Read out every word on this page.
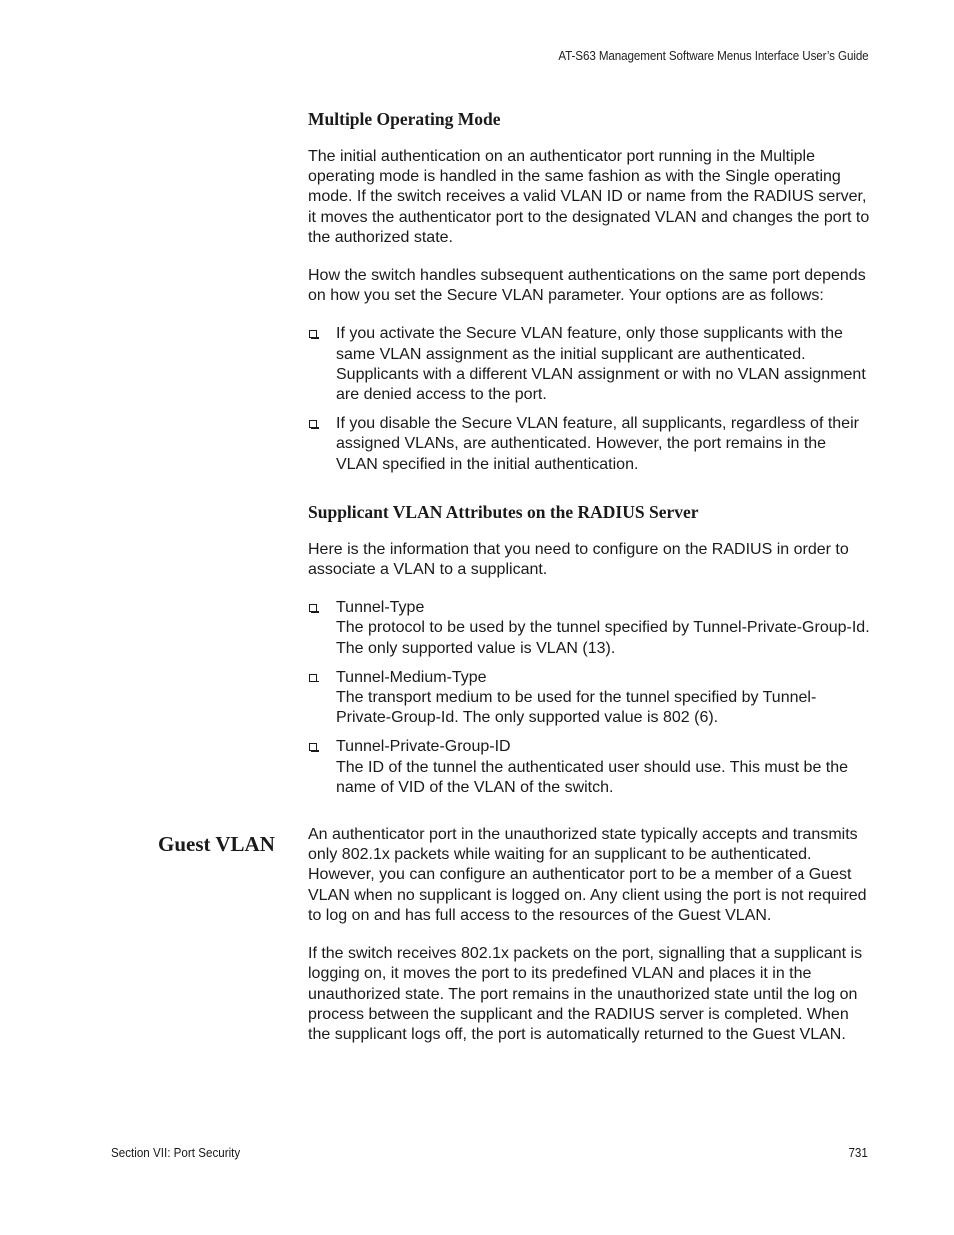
AT-S63 Management Software Menus Interface User’s Guide
Multiple Operating Mode

The initial authentication on an authenticator port running in the Multiple operating mode is handled in the same fashion as with the Single operating mode. If the switch receives a valid VLAN ID or name from the RADIUS server, it moves the authenticator port to the designated VLAN and changes the port to the authorized state.

How the switch handles subsequent authentications on the same port depends on how you set the Secure VLAN parameter. Your options are as follows:

If you activate the Secure VLAN feature, only those supplicants with the same VLAN assignment as the initial supplicant are authenticated. Supplicants with a different VLAN assignment or with no VLAN assignment are denied access to the port.
If you disable the Secure VLAN feature, all supplicants, regardless of their assigned VLANs, are authenticated. However, the port remains in the VLAN specified in the initial authentication.
Supplicant VLAN Attributes on the RADIUS Server

Here is the information that you need to configure on the RADIUS in order to associate a VLAN to a supplicant.

Tunnel-Type
The protocol to be used by the tunnel specified by Tunnel-Private-Group-Id. The only supported value is VLAN (13).
Tunnel-Medium-Type
The transport medium to be used for the tunnel specified by Tunnel-Private-Group-Id. The only supported value is 802 (6).
Tunnel-Private-Group-ID
The ID of the tunnel the authenticated user should use. This must be the name of VID of the VLAN of the switch.

An authenticator port in the unauthorized state typically accepts and transmits only 802.1x packets while waiting for an supplicant to be authenticated. However, you can configure an authenticator port to be a member of a Guest VLAN when no supplicant is logged on. Any client using the port is not required to log on and has full access to the resources of the Guest VLAN.

If the switch receives 802.1x packets on the port, signalling that a supplicant is logging on, it moves the port to its predefined VLAN and places it in the unauthorized state. The port remains in the unauthorized state until the log on process between the supplicant and the RADIUS server is completed. When the supplicant logs off, the port is automatically returned to the Guest VLAN.

Guest VLAN
Section VII: Port Security	731
